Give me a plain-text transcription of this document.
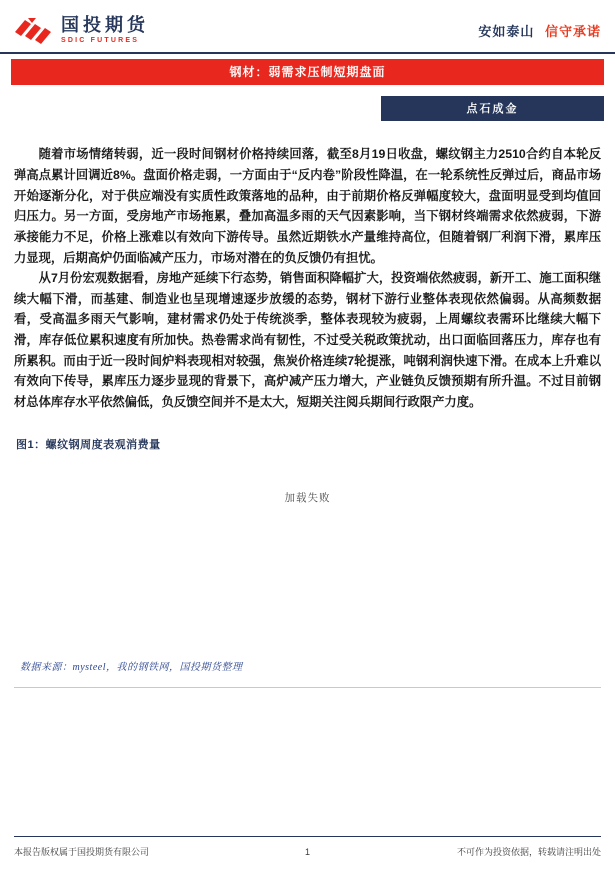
国投期货
SDIC FUTURES
安如泰山 信守承诺
钢材：弱需求压制短期盘面
点石成金

随着市场情绪转弱，近一段时间钢材价格持续回落，截至8月19日收盘，螺纹钢主力2510合约自本轮反弹高点累计回调近8%。盘面价格走弱，一方面由于“反内卷”阶段性降温，在一轮系统性反弹过后，商品市场开始逐渐分化，对于供应端没有实质性政策落地的品种，由于前期价格反弹幅度较大，盘面明显受到均值回归压力。另一方面，受房地产市场拖累，叠加高温多雨的天气因素影响，当下钢材终端需求依然疲弱，下游承接能力不足，价格上涨难以有效向下游传导。虽然近期铁水产量维持高位，但随着钢厂利润下滑，累库压力显现，后期高炉仍面临减产压力，市场对潜在的负反馈仍有担忧。

从7月份宏观数据看，房地产延续下行态势，销售面积降幅扩大，投资端依然疲弱，新开工、施工面积继续大幅下滑，而基建、制造业也呈现增速逐步放缓的态势，钢材下游行业整体表现依然偏弱。从高频数据看，受高温多雨天气影响，建材需求仍处于传统淡季，整体表现较为疲弱，上周螺纹表需环比继续大幅下滑，库存低位累积速度有所加快。热卷需求尚有韧性，不过受关税政策扰动，出口面临回落压力，库存也有所累积。而由于近一段时间炉料表现相对较强，焦炭价格连续7轮提涨，吨钢利润快速下滑。在成本上升难以有效向下传导，累库压力逐步显现的背景下，高炉减产压力增大，产业链负反馈预期有所升温。不过目前钢材总体库存水平依然偏低，负反馈空间并不是太大，短期关注阅兵期间行政限产力度。

图1：螺纹钢周度表观消费量
加载失败
数据来源：mysteel，我的钢铁网，国投期货整理
本报告版权属于国投期货有限公司	1	不可作为投资依据，转载请注明出处
